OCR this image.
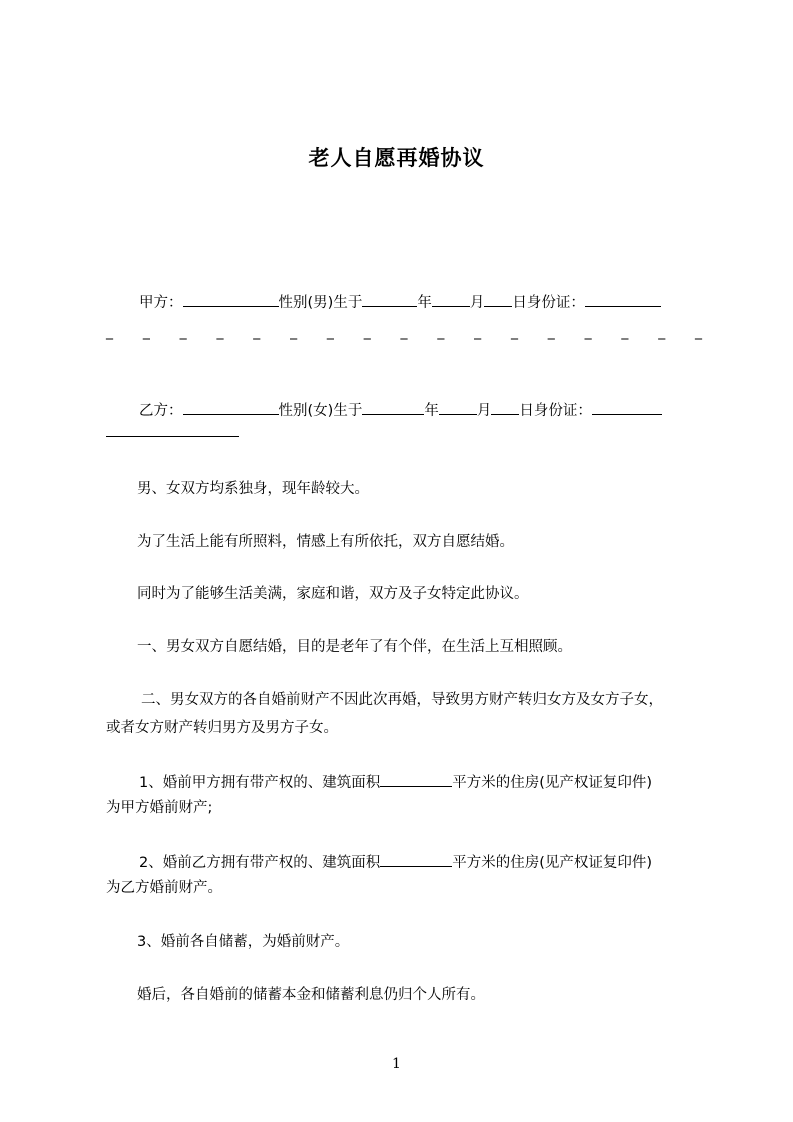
老人自愿再婚协议
甲方：	性别(男)生于	年	月 日身份证：
_ _ _ _ _ _ _ _ _ _ _ _ _ _ _ _ _
乙方：	性别(女)生于	年	月 日身份证：
男、女双方均系独身，现年龄较大。
为了生活上能有所照料，情感上有所依托，双方自愿结婚。
同时为了能够生活美满，家庭和谐，双方及子女特定此协议。
一、男女双方自愿结婚，目的是老年了有个伴，在生活上互相照顾。
二、男女双方的各自婚前财产不因此次再婚，导致男方财产转归女方及女方子女，
或者女方财产转归男方及男方子女。
1、婚前甲方拥有带产权的、建筑面积	平方米的住房(见产权证复印件)
为甲方婚前财产;
2、婚前乙方拥有带产权的、建筑面积	平方米的住房(见产权证复印件)
为乙方婚前财产。
3、婚前各自储蓄，为婚前财产。
婚后，各自婚前的储蓄本金和储蓄利息仍归个人所有。
1
